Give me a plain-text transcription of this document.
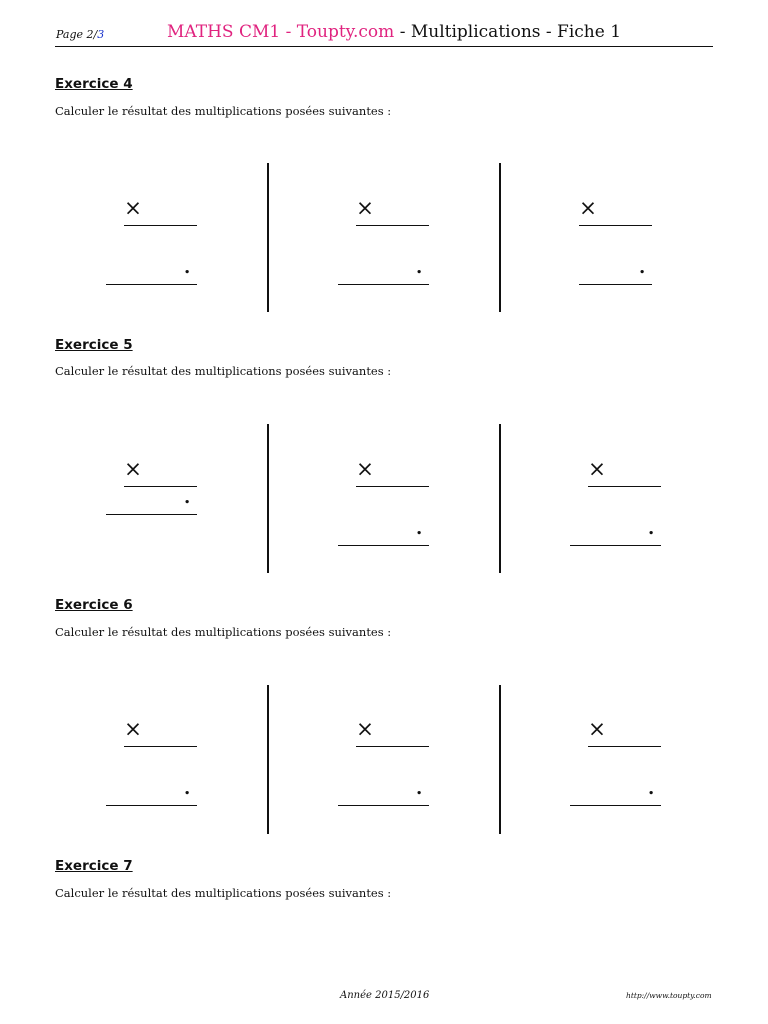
Page 2/3	MATHS CM1 - Toupty.com - Multiplications - Fiche 1
Exercice 4
Calculer le résultat des multiplications posées suivantes :
×
.
×
.
×
.
Exercice 5
Calculer le résultat des multiplications posées suivantes :
×
.
×
.
×
.
Exercice 6
Calculer le résultat des multiplications posées suivantes :
×
.
×
.
×
.
Exercice 7
Calculer le résultat des multiplications posées suivantes :
Année 2015/2016	http://www.toupty.com
